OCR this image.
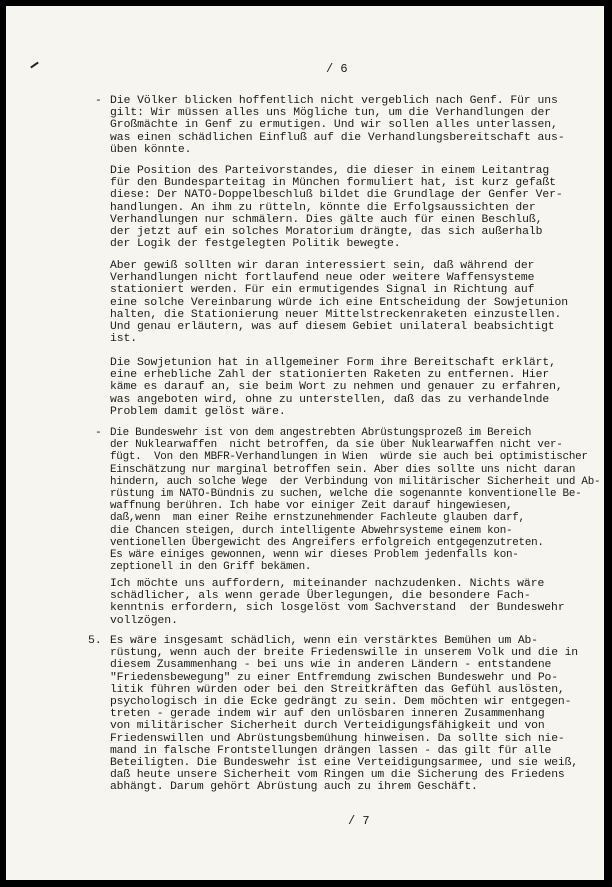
/ 6
- Die Völker blicken hoffentlich nicht vergeblich nach Genf. Für uns
gilt: Wir müssen alles uns Mögliche tun, um die Verhandlungen der
Großmächte in Genf zu ermutigen. Und wir sollen alles unterlassen,
was einen schädlichen Einfluß auf die Verhandlungsbereitschaft aus-
üben könnte.

Die Position des Parteivorstandes, die dieser in einem Leitantrag
für den Bundesparteitag in München formuliert hat, ist kurz gefaßt
diese: Der NATO-Doppelbeschluß bildet die Grundlage der Genfer Ver-
handlungen. An ihm zu rütteln, könnte die Erfolgsaussichten der
Verhandlungen nur schmälern. Dies gälte auch für einen Beschluß,
der jetzt auf ein solches Moratorium drängte, das sich außerhalb
der Logik der festgelegten Politik bewegte.

Aber gewiß sollten wir daran interessiert sein, daß während der
Verhandlungen nicht fortlaufend neue oder weitere Waffensysteme
stationiert werden. Für ein ermutigendes Signal in Richtung auf
eine solche Vereinbarung würde ich eine Entscheidung der Sowjetunion
halten, die Stationierung neuer Mittelstreckenraketen einzustellen.
Und genau erläutern, was auf diesem Gebiet unilateral beabsichtigt
ist.

Die Sowjetunion hat in allgemeiner Form ihre Bereitschaft erklärt,
eine erhebliche Zahl der stationierten Raketen zu entfernen. Hier
käme es darauf an, sie beim Wort zu nehmen und genauer zu erfahren,
was angeboten wird, ohne zu unterstellen, daß das zu verhandelnde
Problem damit gelöst wäre.

- Die Bundeswehr ist von dem angestrebten Abrüstungsprozeß im Bereich
der Nuklearwaffen  nicht betroffen, da sie über Nuklearwaffen nicht ver-
fügt.  Von den MBFR-Verhandlungen in Wien  würde sie auch bei optimistischer
Einschätzung nur marginal betroffen sein. Aber dies sollte uns nicht daran
hindern, auch solche Wege  der Verbindung von militärischer Sicherheit und Ab-
rüstung im NATO-Bündnis zu suchen, welche die sogenannte konventionelle Be-
waffnung berühren. Ich habe vor einiger Zeit darauf hingewiesen,
daß,wenn  man einer Reihe ernstzunehmender Fachleute glauben darf,
die Chancen steigen, durch intelligente Abwehrsysteme einem kon-
ventionellen Übergewicht des Angreifers erfolgreich entgegenzutreten.
Es wäre einiges gewonnen, wenn wir dieses Problem jedenfalls kon-
zeptionell in den Griff bekämen.

Ich möchte uns auffordern, miteinander nachzudenken. Nichts wäre
schädlicher, als wenn gerade Überlegungen, die besondere Fach-
kenntnis erfordern, sich losgelöst vom Sachverstand  der Bundeswehr
vollzögen.

5. Es wäre insgesamt schädlich, wenn ein verstärktes Bemühen um Ab-
rüstung, wenn auch der breite Friedenswille in unserem Volk und die in
diesem Zusammenhang - bei uns wie in anderen Ländern - entstandene
"Friedensbewegung" zu einer Entfremdung zwischen Bundeswehr und Po-
litik führen würden oder bei den Streitkräften das Gefühl auslösten,
psychologisch in die Ecke gedrängt zu sein. Dem möchten wir entgegen-
treten - gerade indem wir auf den unlösbaren inneren Zusammenhang
von militärischer Sicherheit durch Verteidigungsfähigkeit und von
Friedenswillen und Abrüstungsbemühung hinweisen. Da sollte sich nie-
mand in falsche Frontstellungen drängen lassen - das gilt für alle
Beteiligten. Die Bundeswehr ist eine Verteidigungsarmee, und sie weiß,
daß heute unsere Sicherheit vom Ringen um die Sicherung des Friedens
abhängt. Darum gehört Abrüstung auch zu ihrem Geschäft.

/ 7
